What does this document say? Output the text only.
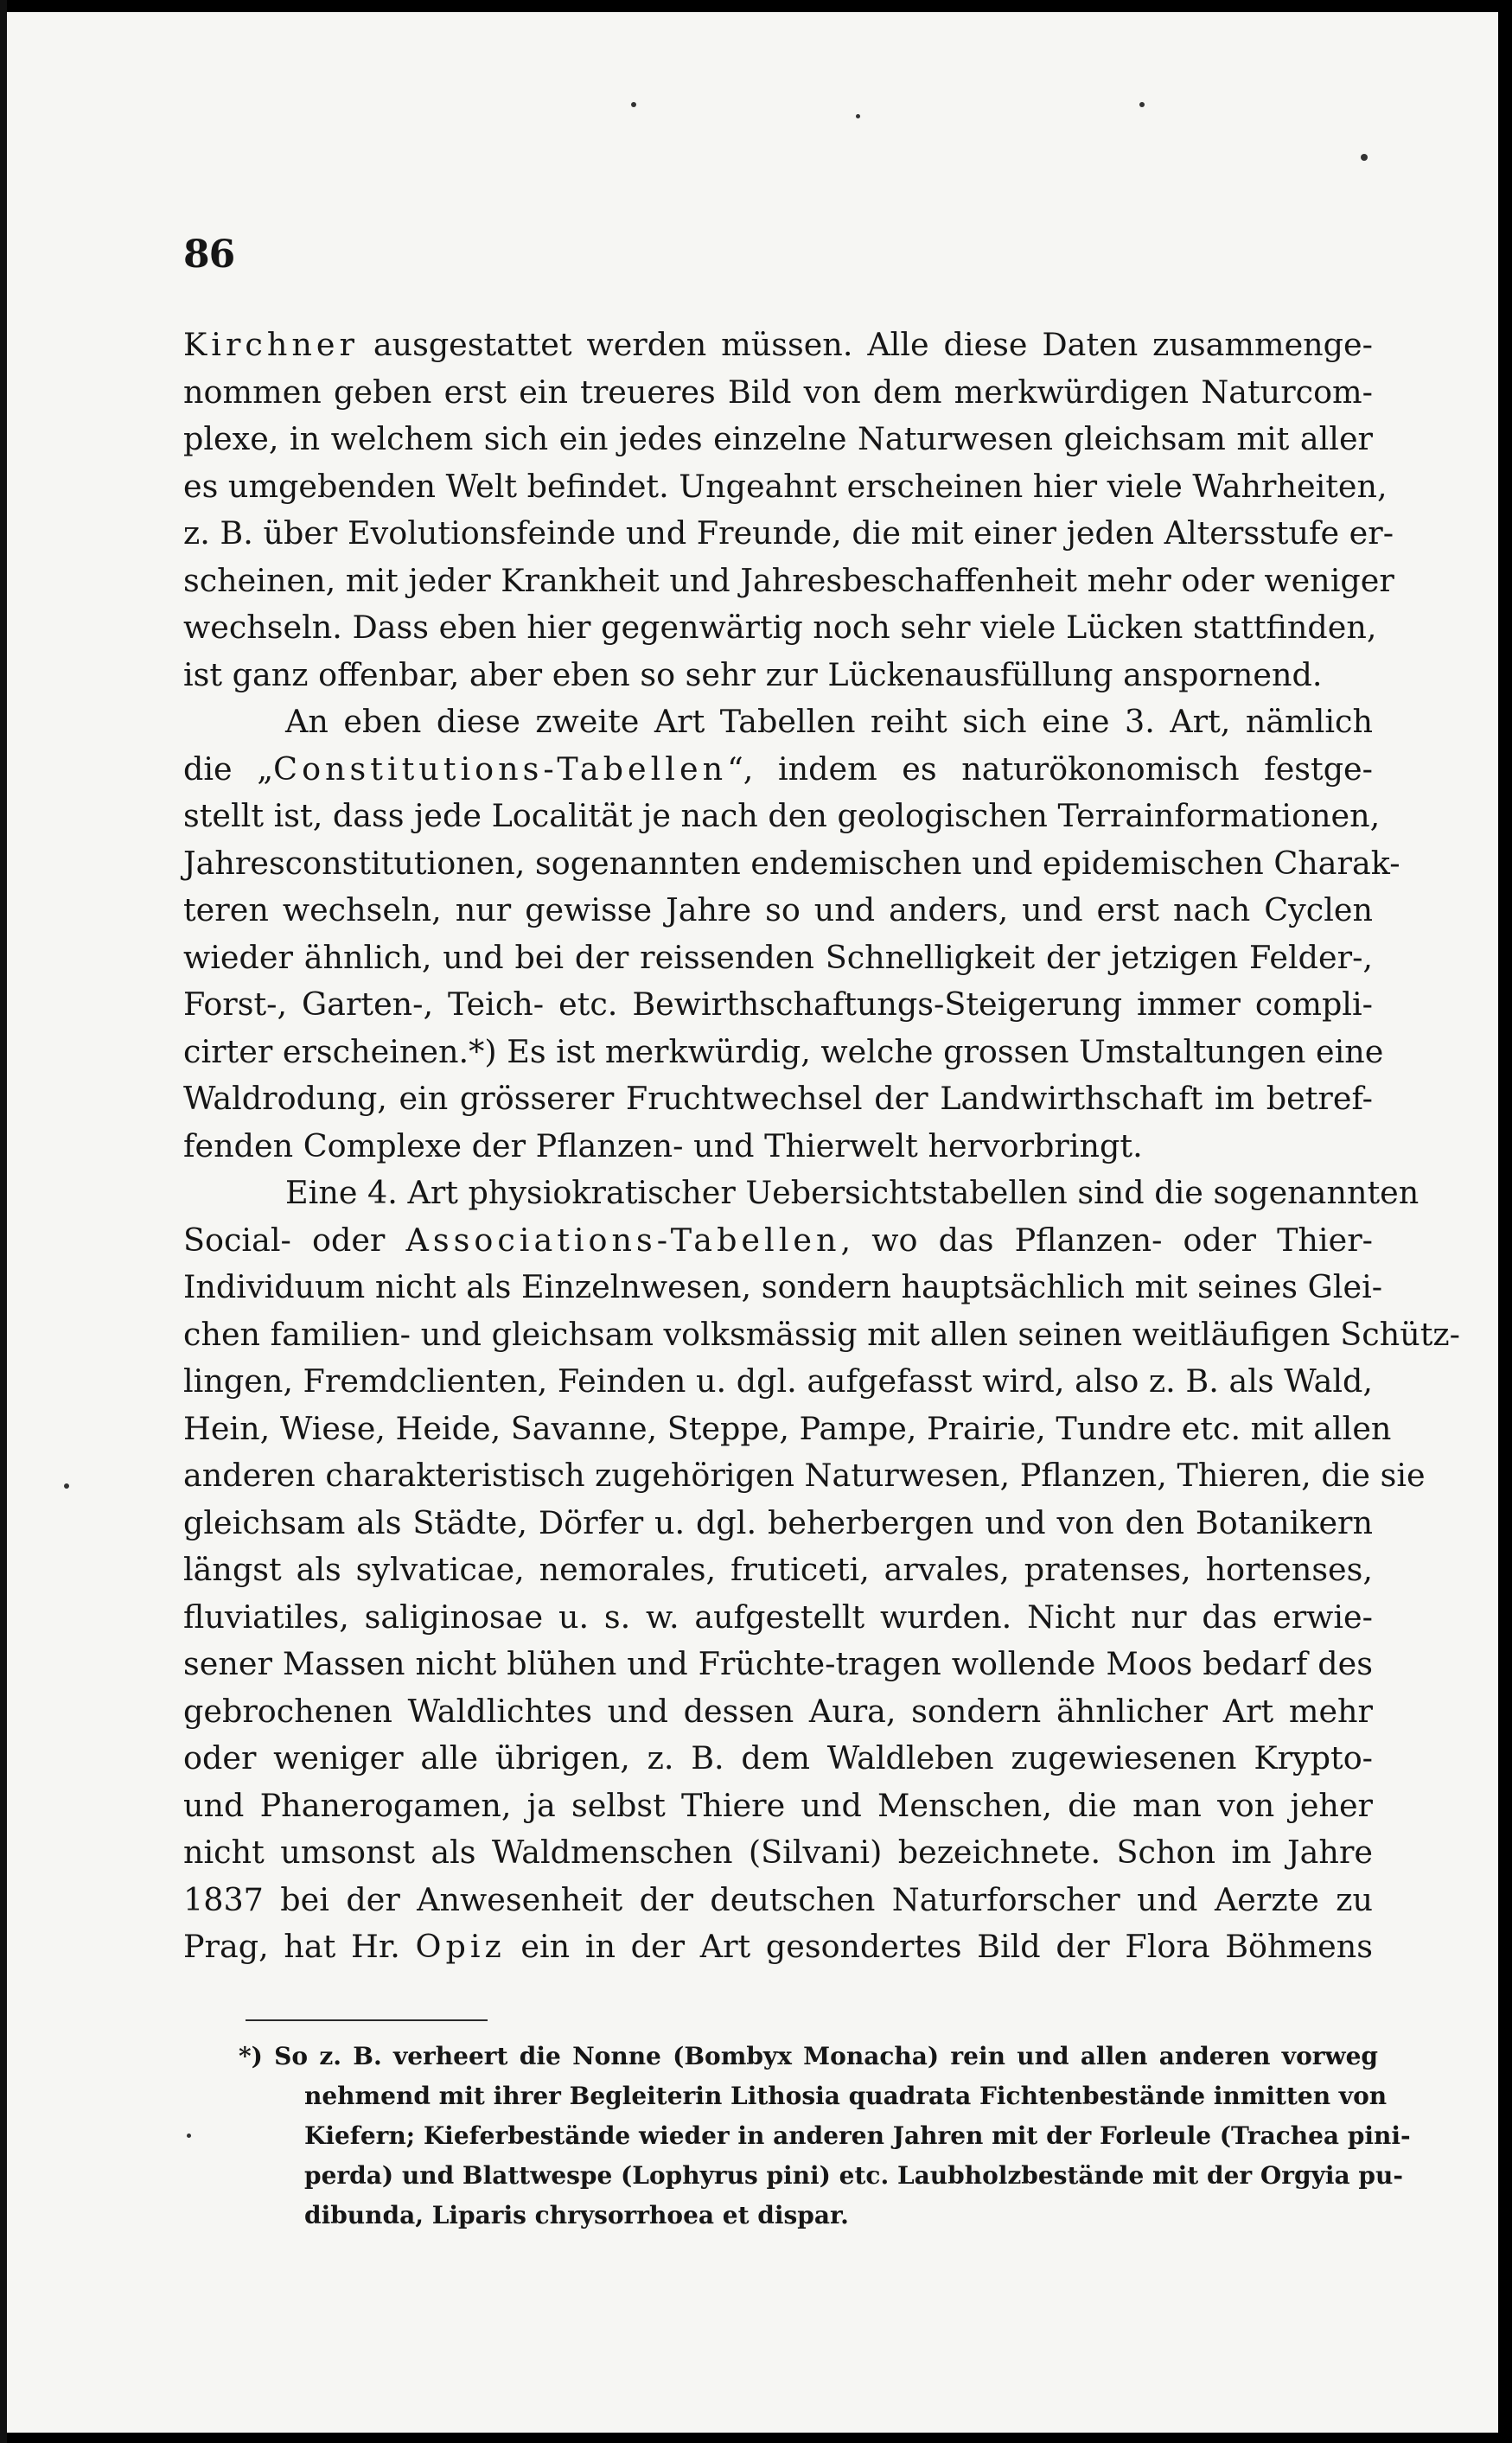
86
Kirchner ausgestattet werden müssen. Alle diese Daten zusammenge-
nommen geben erst ein treueres Bild von dem merkwürdigen Naturcom-
plexe, in welchem sich ein jedes einzelne Naturwesen gleichsam mit aller
es umgebenden Welt befindet. Ungeahnt erscheinen hier viele Wahrheiten,
z. B. über Evolutionsfeinde und Freunde, die mit einer jeden Altersstufe er-
scheinen, mit jeder Krankheit und Jahresbeschaffenheit mehr oder weniger
wechseln. Dass eben hier gegenwärtig noch sehr viele Lücken stattfinden,
ist ganz offenbar, aber eben so sehr zur Lückenausfüllung anspornend.
An eben diese zweite Art Tabellen reiht sich eine 3. Art, nämlich
die „Constitutions-Tabellen“, indem es naturökonomisch festge-
stellt ist, dass jede Localität je nach den geologischen Terrainformationen,
Jahresconstitutionen, sogenannten endemischen und epidemischen Charak-
teren wechseln, nur gewisse Jahre so und anders, und erst nach Cyclen
wieder ähnlich, und bei der reissenden Schnelligkeit der jetzigen Felder-,
Forst-, Garten-, Teich- etc. Bewirthschaftungs-Steigerung immer compli-
cirter erscheinen.*) Es ist merkwürdig, welche grossen Umstaltungen eine
Waldrodung, ein grösserer Fruchtwechsel der Landwirthschaft im betref-
fenden Complexe der Pflanzen- und Thierwelt hervorbringt.
Eine 4. Art physiokratischer Uebersichtstabellen sind die sogenannten
Social- oder Associations-Tabellen, wo das Pflanzen- oder Thier-
Individuum nicht als Einzelnwesen, sondern hauptsächlich mit seines Glei-
chen familien- und gleichsam volksmässig mit allen seinen weitläufigen Schütz-
lingen, Fremdclienten, Feinden u. dgl. aufgefasst wird, also z. B. als Wald,
Hein, Wiese, Heide, Savanne, Steppe, Pampe, Prairie, Tundre etc. mit allen
anderen charakteristisch zugehörigen Naturwesen, Pflanzen, Thieren, die sie
gleichsam als Städte, Dörfer u. dgl. beherbergen und von den Botanikern
längst als sylvaticae, nemorales, fruticeti, arvales, pratenses, hortenses,
fluviatiles, saliginosae u. s. w. aufgestellt wurden. Nicht nur das erwie-
sener Massen nicht blühen und Früchte-tragen wollende Moos bedarf des
gebrochenen Waldlichtes und dessen Aura, sondern ähnlicher Art mehr
oder weniger alle übrigen, z. B. dem Waldleben zugewiesenen Krypto-
und Phanerogamen, ja selbst Thiere und Menschen, die man von jeher
nicht umsonst als Waldmenschen (Silvani) bezeichnete. Schon im Jahre
1837 bei der Anwesenheit der deutschen Naturforscher und Aerzte zu
Prag, hat Hr. Opiz ein in der Art gesondertes Bild der Flora Böhmens
*) So z. B. verheert die Nonne (Bombyx Monacha) rein und allen anderen vorweg
nehmend mit ihrer Begleiterin Lithosia quadrata Fichtenbestände inmitten von
Kiefern; Kieferbestände wieder in anderen Jahren mit der Forleule (Trachea pini-
perda) und Blattwespe (Lophyrus pini) etc. Laubholzbestände mit der Orgyia pu-
dibunda, Liparis chrysorrhoea et dispar.
